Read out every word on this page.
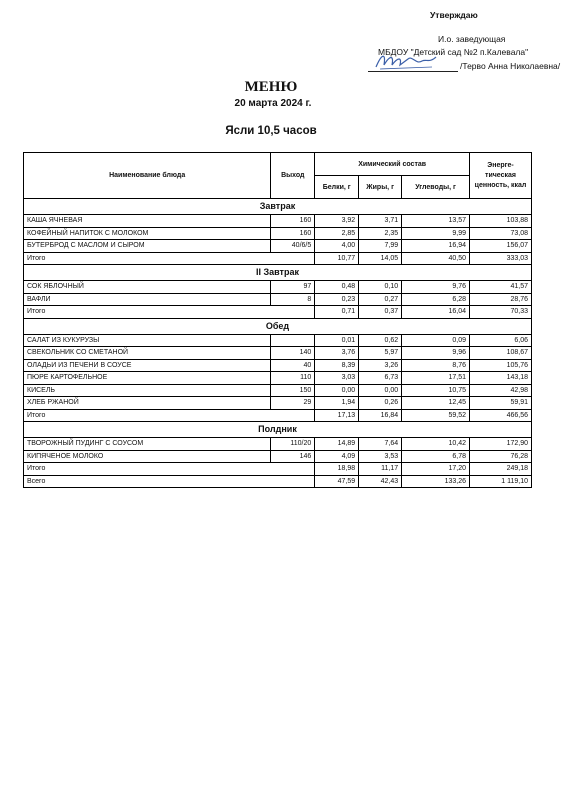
Утверждаю
И.о. заведующая
МБДОУ "Детский сад №2 п.Калевала"
/Терво Анна Николаевна/
МЕНЮ
20 марта 2024 г.
Ясли 10,5 часов
Наименование блюда	Выход	Химический состав			Энерге-тическая ценность, ккал
		Белки, г	Жиры, г	Углеводы, г	
Завтрак					
КАША ЯЧНЕВАЯ	160	3,92	3,71	13,57	103,88
КОФЕЙНЫЙ НАПИТОК С МОЛОКОМ	160	2,85	2,35	9,99	73,08
БУТЕРБРОД С МАСЛОМ И СЫРОМ	40/6/5	4,00	7,99	16,94	156,07
Итого		10,77	14,05	40,50	333,03
II Завтрак					
СОК ЯБЛОЧНЫЙ	97	0,48	0,10	9,76	41,57
ВАФЛИ	8	0,23	0,27	6,28	28,76
Итого		0,71	0,37	16,04	70,33
Обед					
САЛАТ ИЗ КУКУРУЗЫ		0,01	0,62	0,09	6,06
СВЕКОЛЬНИК СО СМЕТАНОЙ	140	3,76	5,97	9,96	108,67
ОЛАДЬИ ИЗ ПЕЧЕНИ В СОУСЕ	40	8,39	3,26	8,76	105,76
ПЮРЕ КАРТОФЕЛЬНОЕ	110	3,03	6,73	17,51	143,18
КИСЕЛЬ	150	0,00	0,00	10,75	42,98
ХЛЕБ РЖАНОЙ	29	1,94	0,26	12,45	59,91
Итого		17,13	16,84	59,52	466,56
Полдник					
ТВОРОЖНЫЙ ПУДИНГ С СОУСОМ	110/20	14,89	7,64	10,42	172,90
КИПЯЧЕНОЕ МОЛОКО	146	4,09	3,53	6,78	76,28
Итого		18,98	11,17	17,20	249,18
Всего		47,59	42,43	133,26	1 119,10
